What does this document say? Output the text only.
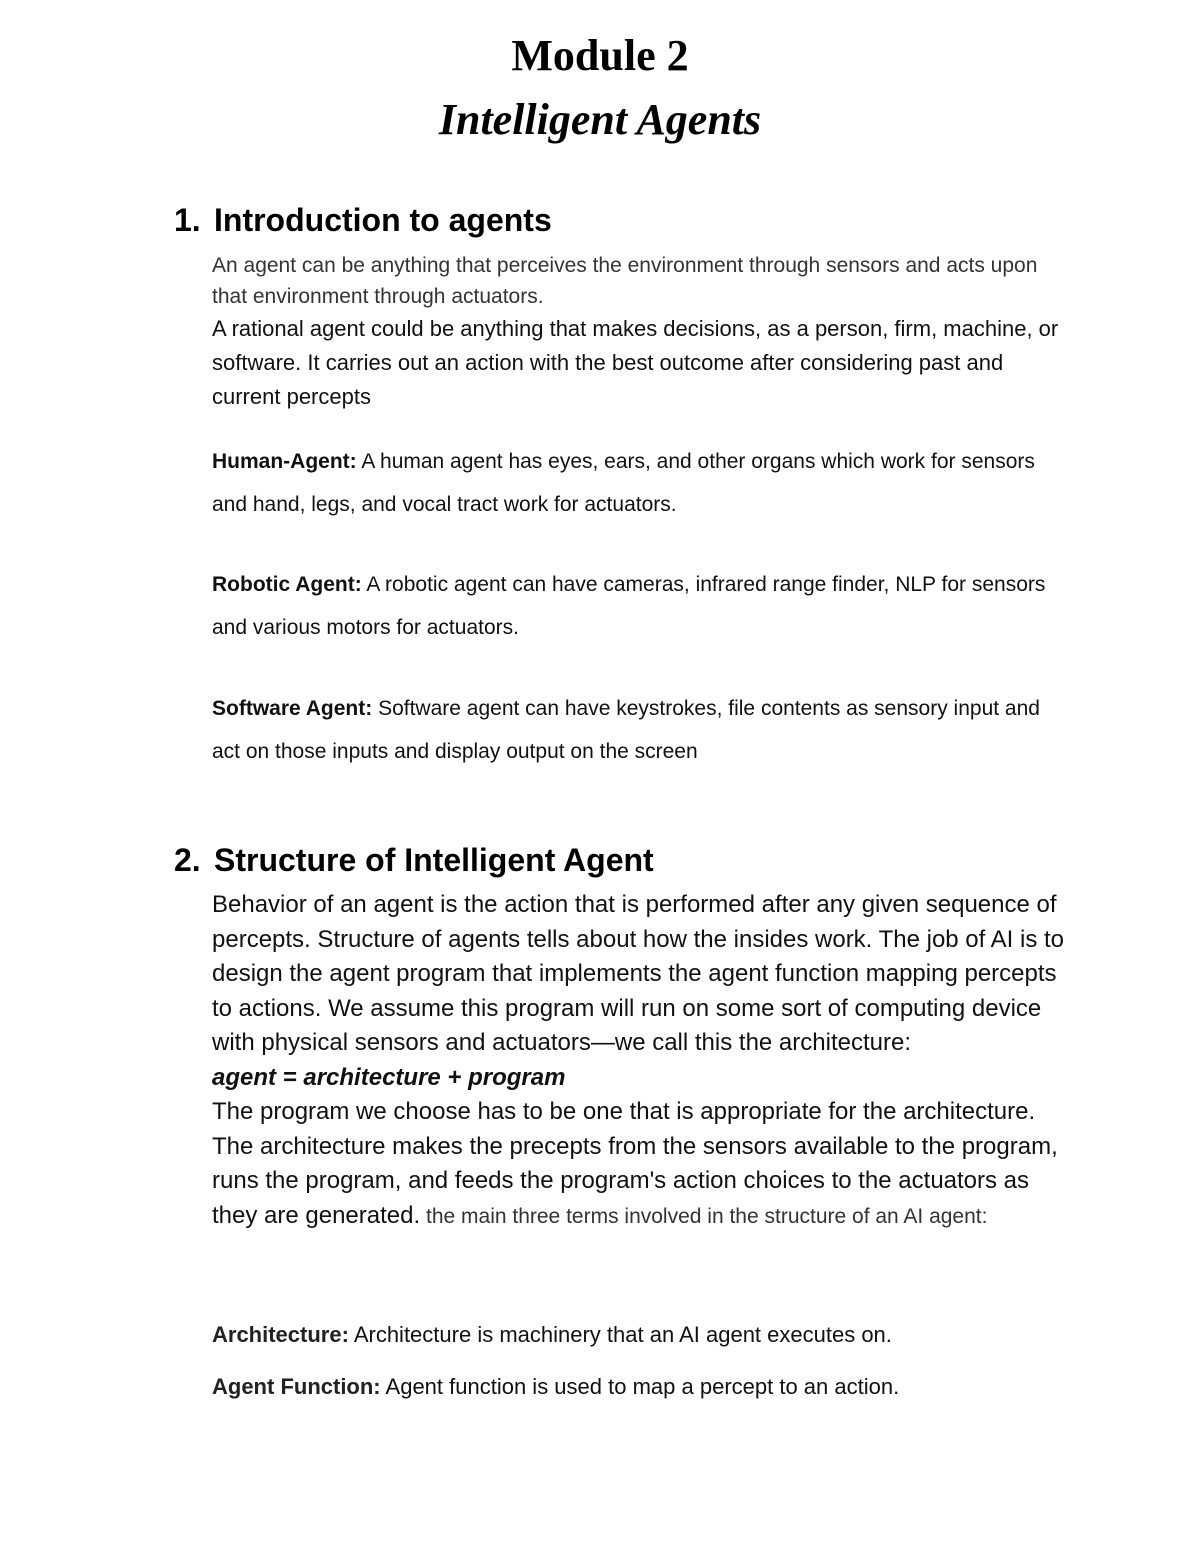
Module 2
Intelligent Agents
1. Introduction to agents

An agent can be anything that perceives the environment through sensors and acts upon that environment through actuators.

A rational agent could be anything that makes decisions, as a person, firm, machine, or software. It carries out an action with the best outcome after considering past and current percepts

Human-Agent: A human agent has eyes, ears, and other organs which work for sensors and hand, legs, and vocal tract work for actuators.

Robotic Agent: A robotic agent can have cameras, infrared range finder, NLP for sensors and various motors for actuators.

Software Agent: Software agent can have keystrokes, file contents as sensory input and act on those inputs and display output on the screen

2. Structure of Intelligent Agent
Behavior of an agent is the action that is performed after any given sequence of percepts. Structure of agents tells about how the insides work. The job of AI is to design the agent program that implements the agent function mapping percepts to actions. We assume this program will run on some sort of computing device with physical sensors and actuators—we call this the architecture:
agent = architecture + program
The program we choose has to be one that is appropriate for the architecture. The architecture makes the precepts from the sensors available to the program, runs the program, and feeds the program's action choices to the actuators as they are generated. the main three terms involved in the structure of an AI agent:

Architecture: Architecture is machinery that an AI agent executes on.

Agent Function: Agent function is used to map a percept to an action.
